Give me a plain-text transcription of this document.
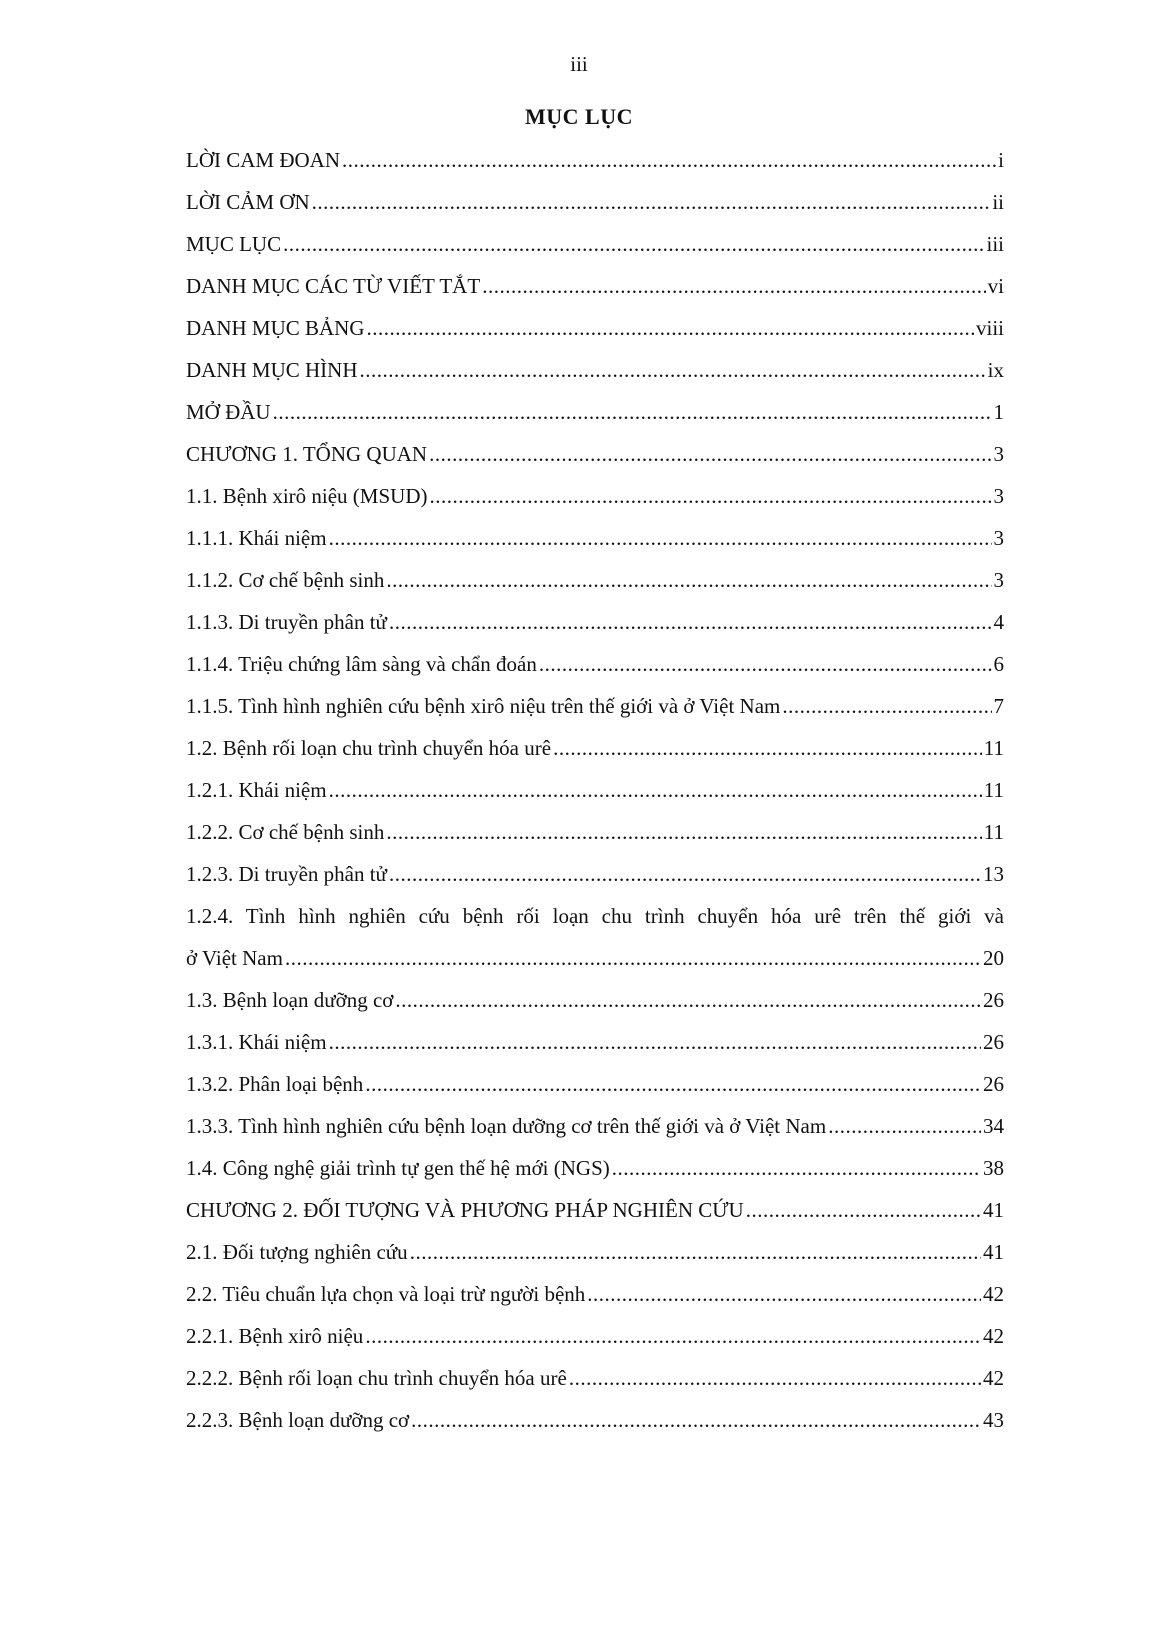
iii
MỤC LỤC
LỜI CAM ĐOAN .....	i
LỜI CẢM ƠN .....	ii
MỤC LỤC .....	iii
DANH MỤC CÁC TỪ VIẾT TẮT .....	vi
DANH MỤC BẢNG .....	viii
DANH MỤC HÌNH .....	ix
MỞ ĐẦU .....	1
CHƯƠNG 1. TỔNG QUAN .....	3
1.1. Bệnh xirô niệu (MSUD) .....	3
1.1.1. Khái niệm .....	3
1.1.2. Cơ chế bệnh sinh .....	3
1.1.3. Di truyền phân tử .....	4
1.1.4. Triệu chứng lâm sàng và chẩn đoán .....	6
1.1.5. Tình hình nghiên cứu bệnh xirô niệu trên thế giới và ở Việt Nam .....	7
1.2. Bệnh rối loạn chu trình chuyển hóa urê .....	11
1.2.1. Khái niệm .....	11
1.2.2. Cơ chế bệnh sinh .....	11
1.2.3. Di truyền phân tử .....	13
1.2.4. Tình hình nghiên cứu bệnh rối loạn chu trình chuyển hóa urê trên thế giới và
ở Việt Nam .....	20
1.3. Bệnh loạn dưỡng cơ .....	26
1.3.1. Khái niệm .....	26
1.3.2. Phân loại bệnh .....	26
1.3.3. Tình hình nghiên cứu bệnh loạn dưỡng cơ trên thế giới và ở Việt Nam .....	34
1.4. Công nghệ giải trình tự gen thế hệ mới (NGS) .....	38
CHƯƠNG 2. ĐỐI TƯỢNG VÀ PHƯƠNG PHÁP NGHIÊN CỨU .....	41
2.1. Đối tượng nghiên cứu .....	41
2.2. Tiêu chuẩn lựa chọn và loại trừ người bệnh .....	42
2.2.1. Bệnh xirô niệu .....	42
2.2.2. Bệnh rối loạn chu trình chuyển hóa urê .....	42
2.2.3. Bệnh loạn dưỡng cơ .....	43
